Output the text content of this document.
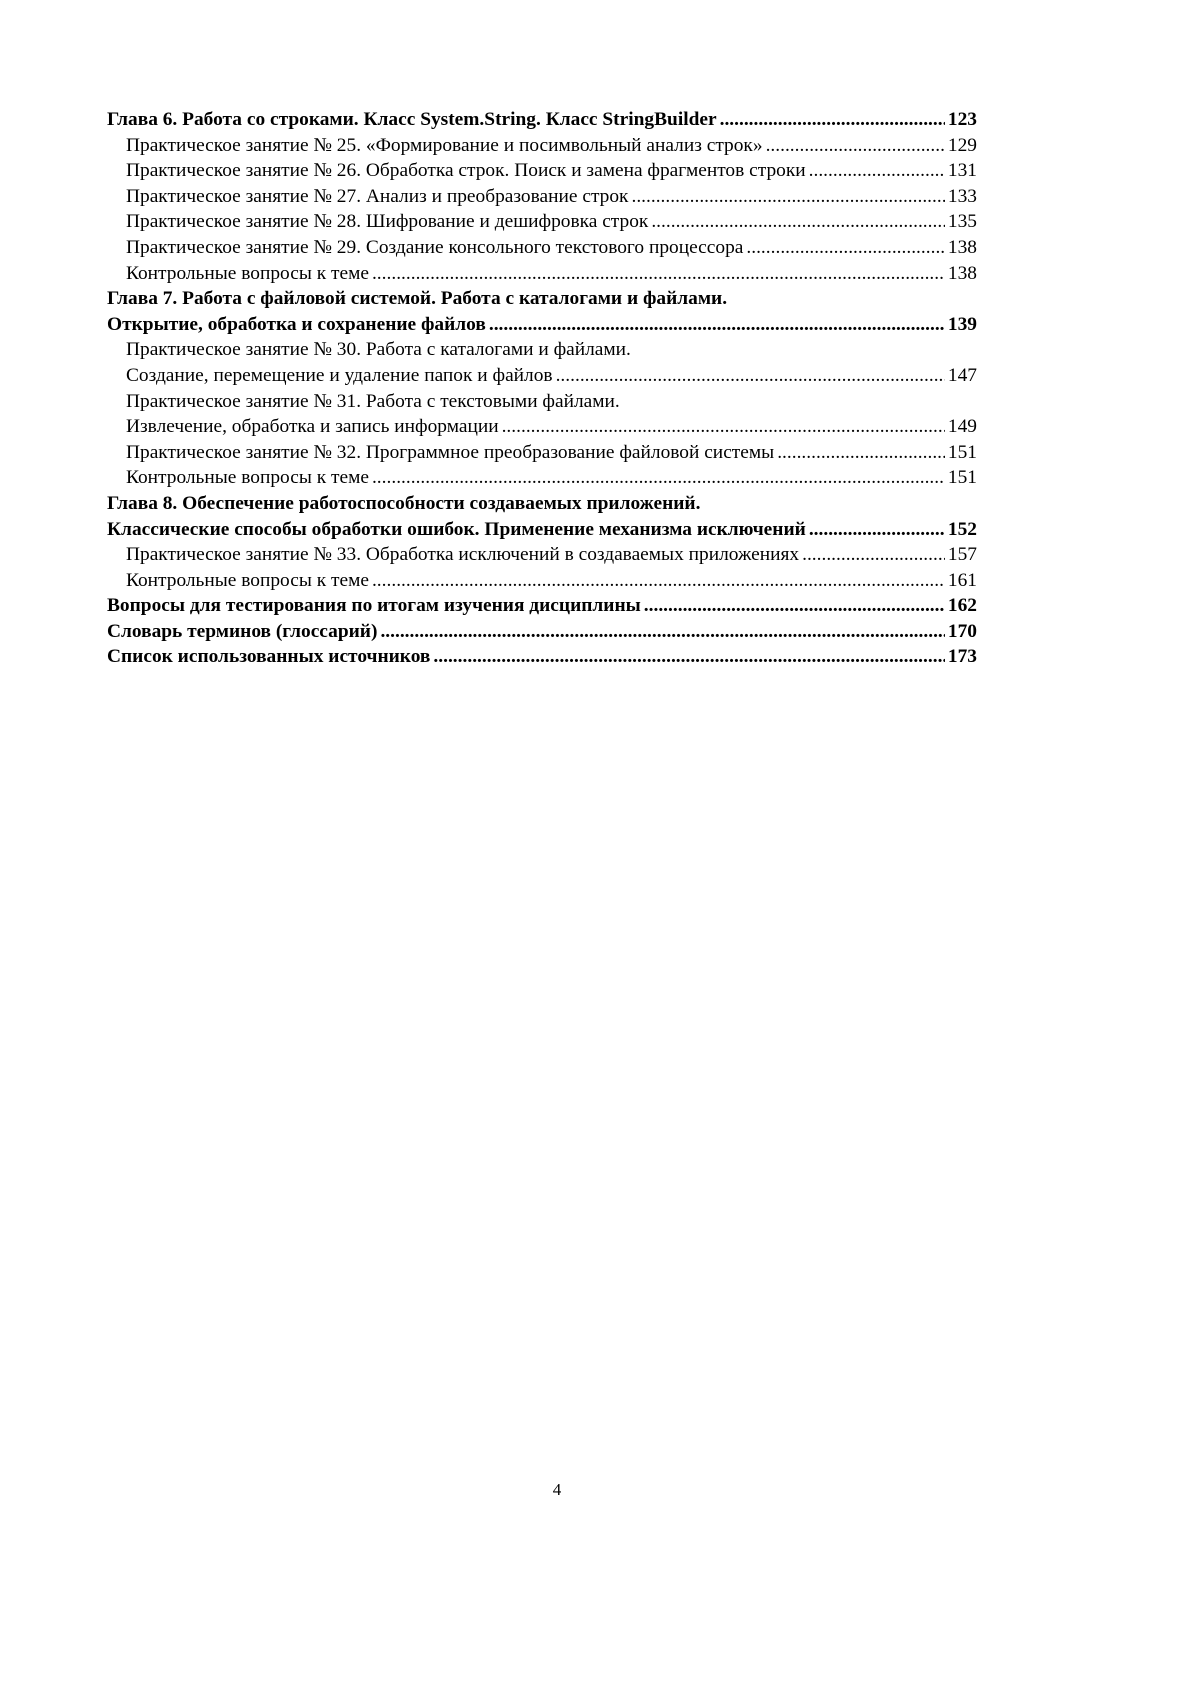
Глава 6. Работа со строками. Класс System.String. Класс StringBuilder .....	123
Практическое занятие № 25. «Формирование и посимвольный анализ строк» .....	129
Практическое занятие № 26. Обработка строк. Поиск и замена фрагментов строки .....	131
Практическое занятие № 27. Анализ и преобразование строк .....	133
Практическое занятие № 28. Шифрование и дешифровка строк .....	135
Практическое занятие № 29. Создание консольного текстового процессора .....	138
Контрольные вопросы к теме .....	138
Глава 7. Работа с файловой системой. Работа с каталогами и файлами.
Открытие, обработка и сохранение файлов .....	139
Практическое занятие № 30. Работа с каталогами и файлами.
Создание, перемещение и удаление папок и файлов .....	147
Практическое занятие № 31. Работа с текстовыми файлами.
Извлечение, обработка и запись информации .....	149
Практическое занятие № 32. Программное преобразование файловой системы .....	151
Контрольные вопросы к теме .....	151
Глава 8. Обеспечение работоспособности создаваемых приложений.
Классические способы обработки ошибок. Применение механизма исключений .....	152
Практическое занятие № 33. Обработка исключений в создаваемых приложениях .....	157
Контрольные вопросы к теме .....	161
Вопросы для тестирования по итогам изучения дисциплины .....	162
Словарь терминов (глоссарий) .....	170
Список использованных источников .....	173
4
